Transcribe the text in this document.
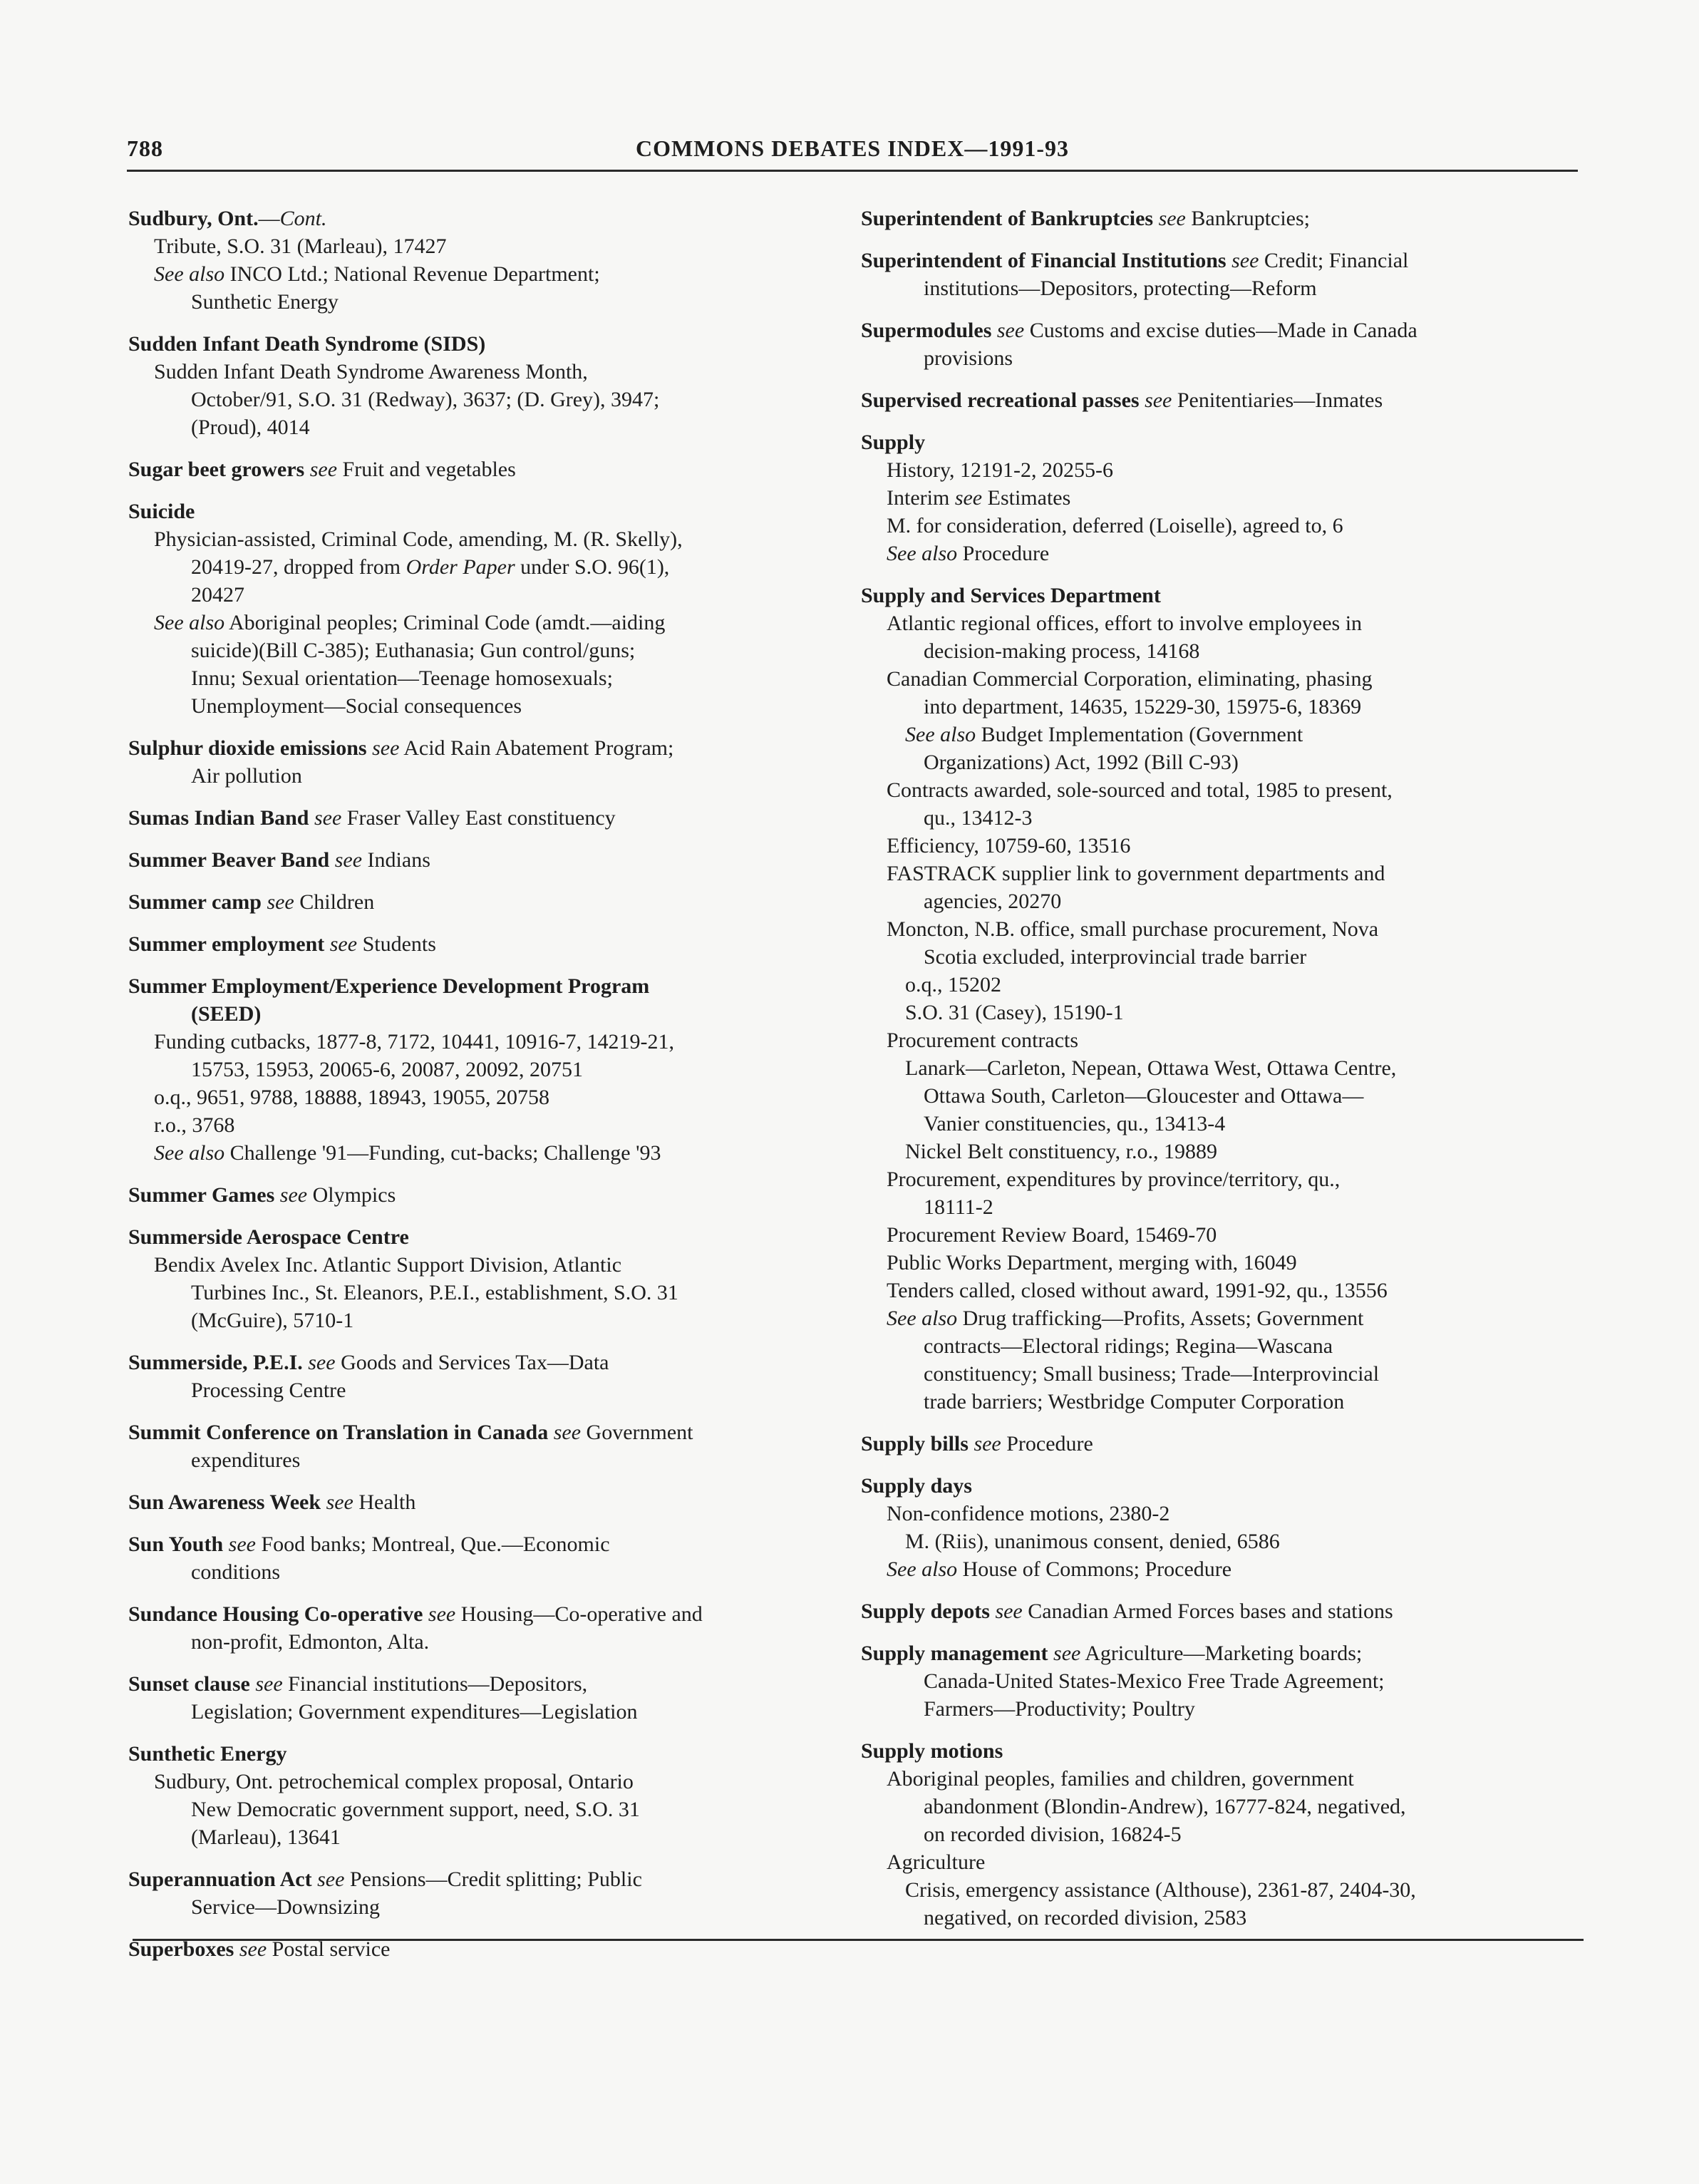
788	COMMONS DEBATES INDEX—1991-93
Sudbury, Ont.—Cont.
Tribute, S.O. 31 (Marleau), 17427
See also INCO Ltd.; National Revenue Department;
Sunthetic Energy
Sudden Infant Death Syndrome (SIDS)
Sudden Infant Death Syndrome Awareness Month,
October/91, S.O. 31 (Redway), 3637; (D. Grey), 3947;
(Proud), 4014
Sugar beet growers see Fruit and vegetables
Suicide
Physician-assisted, Criminal Code, amending, M. (R. Skelly),
20419-27, dropped from Order Paper under S.O. 96(1),
20427
See also Aboriginal peoples; Criminal Code (amdt.—aiding
suicide)(Bill C-385); Euthanasia; Gun control/guns;
Innu; Sexual orientation—Teenage homosexuals;
Unemployment—Social consequences
Sulphur dioxide emissions see Acid Rain Abatement Program;
Air pollution
Sumas Indian Band see Fraser Valley East constituency
Summer Beaver Band see Indians
Summer camp see Children
Summer employment see Students
Summer Employment/Experience Development Program
(SEED)
Funding cutbacks, 1877-8, 7172, 10441, 10916-7, 14219-21,
15753, 15953, 20065-6, 20087, 20092, 20751
o.q., 9651, 9788, 18888, 18943, 19055, 20758
r.o., 3768
See also Challenge '91—Funding, cut-backs; Challenge '93
Summer Games see Olympics
Summerside Aerospace Centre
Bendix Avelex Inc. Atlantic Support Division, Atlantic
Turbines Inc., St. Eleanors, P.E.I., establishment, S.O. 31
(McGuire), 5710-1
Summerside, P.E.I. see Goods and Services Tax—Data
Processing Centre
Summit Conference on Translation in Canada see Government
expenditures
Sun Awareness Week see Health
Sun Youth see Food banks; Montreal, Que.—Economic
conditions
Sundance Housing Co-operative see Housing—Co-operative and
non-profit, Edmonton, Alta.
Sunset clause see Financial institutions—Depositors,
Legislation; Government expenditures—Legislation
Sunthetic Energy
Sudbury, Ont. petrochemical complex proposal, Ontario
New Democratic government support, need, S.O. 31
(Marleau), 13641
Superannuation Act see Pensions—Credit splitting; Public
Service—Downsizing
Superboxes see Postal service
Superintendent of Bankruptcies see Bankruptcies;
Superintendent of Financial Institutions see Credit; Financial
institutions—Depositors, protecting—Reform
Supermodules see Customs and excise duties—Made in Canada
provisions
Supervised recreational passes see Penitentiaries—Inmates
Supply
History, 12191-2, 20255-6
Interim see Estimates
M. for consideration, deferred (Loiselle), agreed to, 6
See also Procedure
Supply and Services Department
Atlantic regional offices, effort to involve employees in
decision-making process, 14168
Canadian Commercial Corporation, eliminating, phasing
into department, 14635, 15229-30, 15975-6, 18369
See also Budget Implementation (Government
Organizations) Act, 1992 (Bill C-93)
Contracts awarded, sole-sourced and total, 1985 to present,
qu., 13412-3
Efficiency, 10759-60, 13516
FASTRACK supplier link to government departments and
agencies, 20270
Moncton, N.B. office, small purchase procurement, Nova
Scotia excluded, interprovincial trade barrier
o.q., 15202
S.O. 31 (Casey), 15190-1
Procurement contracts
Lanark—Carleton, Nepean, Ottawa West, Ottawa Centre,
Ottawa South, Carleton—Gloucester and Ottawa—
Vanier constituencies, qu., 13413-4
Nickel Belt constituency, r.o., 19889
Procurement, expenditures by province/territory, qu.,
18111-2
Procurement Review Board, 15469-70
Public Works Department, merging with, 16049
Tenders called, closed without award, 1991-92, qu., 13556
See also Drug trafficking—Profits, Assets; Government
contracts—Electoral ridings; Regina—Wascana
constituency; Small business; Trade—Interprovincial
trade barriers; Westbridge Computer Corporation
Supply bills see Procedure
Supply days
Non-confidence motions, 2380-2
M. (Riis), unanimous consent, denied, 6586
See also House of Commons; Procedure
Supply depots see Canadian Armed Forces bases and stations
Supply management see Agriculture—Marketing boards;
Canada-United States-Mexico Free Trade Agreement;
Farmers—Productivity; Poultry
Supply motions
Aboriginal peoples, families and children, government
abandonment (Blondin-Andrew), 16777-824, negatived,
on recorded division, 16824-5
Agriculture
Crisis, emergency assistance (Althouse), 2361-87, 2404-30,
negatived, on recorded division, 2583
